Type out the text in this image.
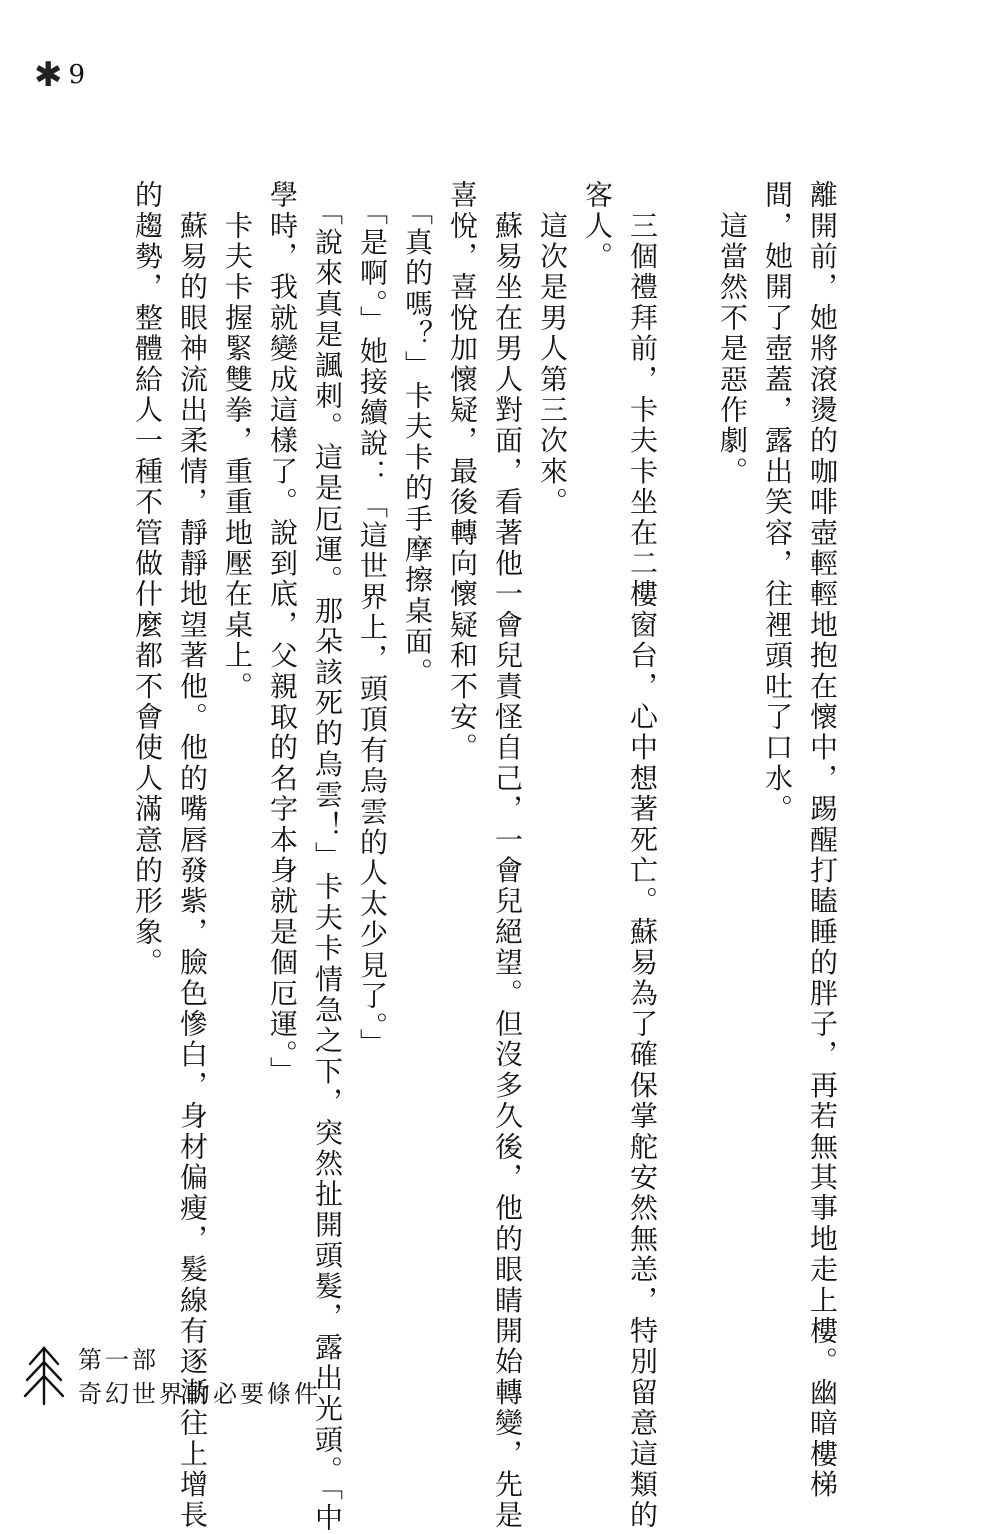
✱ 9
離開前，她將滾燙的咖啡壺輕輕地抱在懷中，踢醒打瞌睡的胖子，再若無其事地走上樓。幽暗樓梯
間，她開了壺蓋，露出笑容，往裡頭吐了口水。
　這當然不是惡作劇。
　三個禮拜前，卡夫卡坐在二樓窗台，心中想著死亡。蘇易為了確保掌舵安然無恙，特別留意這類的
客人。
　這次是男人第三次來。
　蘇易坐在男人對面，看著他一會兒責怪自己，一會兒絕望。但沒多久後，他的眼睛開始轉變，先是
喜悅，喜悅加懷疑，最後轉向懷疑和不安。
　「真的嗎？」卡夫卡的手摩擦桌面。
　「是啊。」她接續說：「這世界上，頭頂有烏雲的人太少見了。」
　「說來真是諷刺。這是厄運。那朵該死的烏雲！」卡夫卡情急之下，突然扯開頭髮，露出光頭。「中
學時，我就變成這樣了。說到底，父親取的名字本身就是個厄運。」
　卡夫卡握緊雙拳，重重地壓在桌上。
　蘇易的眼神流出柔情，靜靜地望著他。他的嘴唇發紫，臉色慘白，身材偏瘦，髮線有逐漸往上增長
的趨勢，整體給人一種不管做什麼都不會使人滿意的形象。
第一部
奇幻世界的必要條件
